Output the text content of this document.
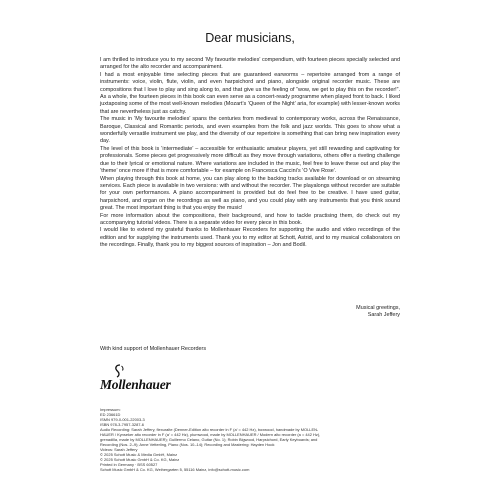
Dear musicians,

I am thrilled to introduce you to my second ‘My favourite melodies’ compendium, with fourteen pieces specially selected and arranged for the alto recorder and accompaniment.

I had a most enjoyable time selecting pieces that are guaranteed earworms – repertoire arranged from a range of instruments: voice, violin, flute, violin, and even harpsichord and piano, alongside original recorder music. These are compositions that I love to play and sing along to, and that give us the feeling of “wow, we get to play this on the recorder!”. As a whole, the fourteen pieces in this book can even serve as a concert-ready programme when played front to back. I liked juxtaposing some of the most well-known melodies (Mozart’s ‘Queen of the Night’ aria, for example) with lesser-known works that are nevertheless just as catchy.

The music in ‘My favourite melodies’ spans the centuries from medieval to contemporary works, across the Renaissance, Baroque, Classical and Romantic periods, and even examples from the folk and jazz worlds. This goes to show what a wonderfully versatile instrument we play, and the diversity of our repertoire is something that can bring new inspiration every day.

The level of this book is ‘intermediate’ – accessible for enthusiastic amateur players, yet still rewarding and captivating for professionals. Some pieces get progressively more difficult as they move through variations, others offer a riveting challenge due to their lyrical or emotional nature. Where variations are included in the music, feel free to leave these out and play the ‘theme’ once more if that is more comfortable – for example on Francesca Caccini’s ‘O Vive Rose’.

When playing through this book at home, you can play along to the backing tracks available for download or on streaming services. Each piece is available in two versions: with and without the recorder. The playalongs without recorder are suitable for your own performances. A piano accompaniment is provided but do feel free to be creative. I have used guitar, harpsichord, and organ on the recordings as well as piano, and you could play with any instruments that you think sound great. The most important thing is that you enjoy the music!

For more information about the compositions, their background, and how to tackle practising them, do check out my accompanying tutorial videos. There is a separate video for every piece in this book.

I would like to extend my grateful thanks to Mollenhauer Recorders for supporting the audio and video recordings of the edition and for supplying the instruments used. Thank you to my editor at Schott, Astrid, and to my musical collaborators on the recordings. Finally, thank you to my biggest sources of inspiration – Jon and Bodil.

Musical greetings,
Sarah Jeffery
With kind support of Mollenhauer Recorders
Mollenhauer
Impressum:
ED 23661D
ISMN 979-0-001-22003-3
ISBN 978-3-7957-3287-6
Audio Recording: Sarah Jeffery, flexuralte (Denner-Edition alto recorder in F (a’ = 442 Hz), boxwood, handmade by MOLLEN-
HAUER / Kynseker alto recorder in F (a’ = 442 Hz), plumwood, made by MOLLENHAUER / Modern alto recorder (a = 442 Hz),
grenadilla, made by MOLLENHAUER); Guillermo Celano, Guitar (No. 1); Robin Bigwood, Harpsichord, Early Keyboards; and
Recording (Nos. 2–9); Anne Vetterling, Piano (Nos. 10–14); Recording and Mastering: Hayden Hook
Videos: Sarah Jeffery
© 2025 Schott Music & Media GmbH, Mainz
© 2025 Schott Music GmbH & Co. KG, Mainz
Printed in Germany · BSS 60527
Schott Music GmbH & Co. KG, Weihergarten 5, 55116 Mainz, info@schott-music.com
